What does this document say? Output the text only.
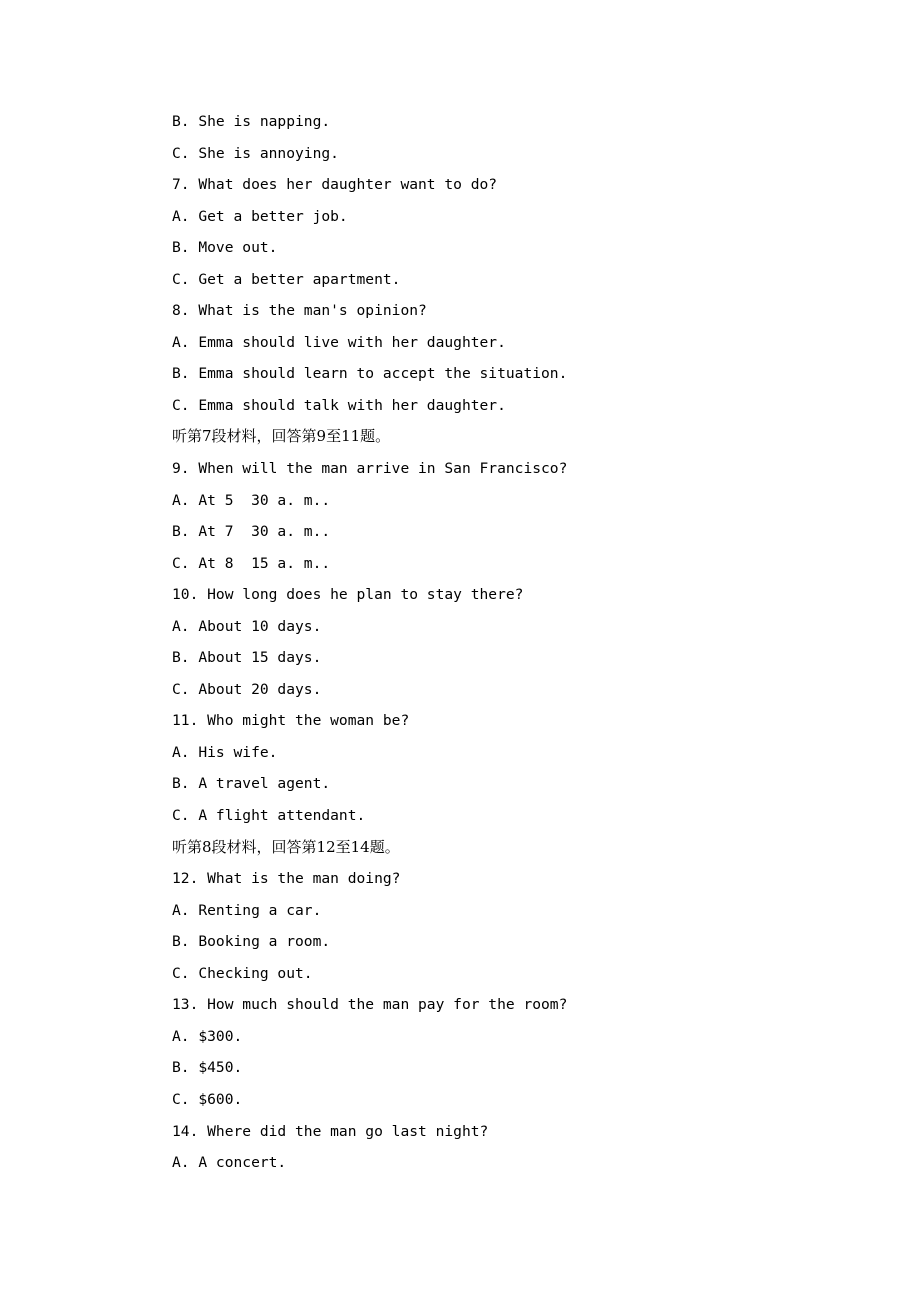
B. She is napping.
C. She is annoying.
7. What does her daughter want to do?
A. Get a better job.
B. Move out.
C. Get a better apartment.
8. What is the man's opinion?
A. Emma should live with her daughter.
B. Emma should learn to accept the situation.
C. Emma should talk with her daughter.
听第7段材料，回答第9至11题。
9. When will the man arrive in San Francisco?
A. At 5  30 a. m..
B. At 7  30 a. m..
C. At 8  15 a. m..
10. How long does he plan to stay there?
A. About 10 days.
B. About 15 days.
C. About 20 days.
11. Who might the woman be?
A. His wife.
B. A travel agent.
C. A flight attendant.
听第8段材料，回答第12至14题。
12. What is the man doing?
A. Renting a car.
B. Booking a room.
C. Checking out.
13. How much should the man pay for the room?
A. $300.
B. $450.
C. $600.
14. Where did the man go last night?
A. A concert.
